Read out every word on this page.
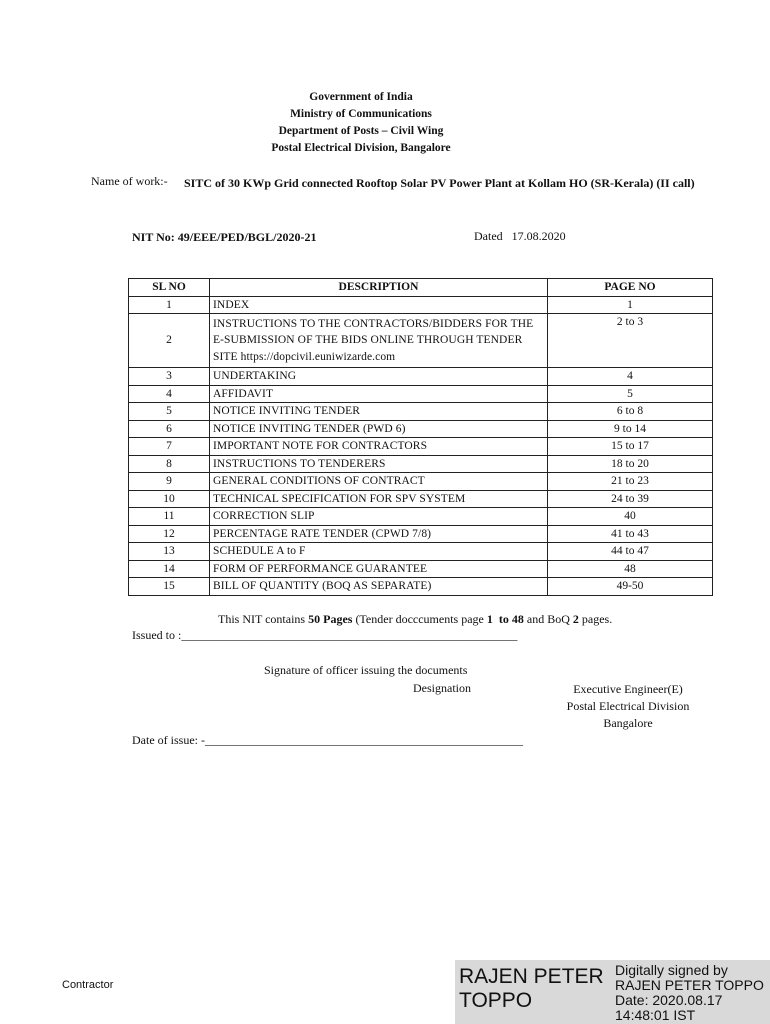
Government of India
Ministry of Communications
Department of Posts – Civil Wing
Postal Electrical Division, Bangalore
Name of work:- SITC of 30 KWp Grid connected Rooftop Solar PV Power Plant at Kollam HO (SR-Kerala) (II call)
NIT No: 49/EEE/PED/BGL/2020-21	Dated   17.08.2020
SL NO	DESCRIPTION	PAGE NO
1	INDEX	1
2	INSTRUCTIONS TO THE CONTRACTORS/BIDDERS FOR THE E-SUBMISSION OF THE BIDS ONLINE THROUGH TENDER SITE https://dopcivil.euniwizarde.com	2 to 3
3	UNDERTAKING	4
4	AFFIDAVIT	5
5	NOTICE INVITING TENDER	6 to 8
6	NOTICE INVITING TENDER (PWD 6)	9 to 14
7	IMPORTANT NOTE FOR CONTRACTORS	15 to 17
8	INSTRUCTIONS TO TENDERERS	18 to 20
9	GENERAL CONDITIONS OF CONTRACT	21 to 23
10	TECHNICAL SPECIFICATION FOR SPV SYSTEM	24 to 39
11	CORRECTION SLIP	40
12	PERCENTAGE RATE TENDER (CPWD 7/8)	41 to 43
13	SCHEDULE A to F	44 to 47
14	FORM OF PERFORMANCE GUARANTEE	48
15	BILL OF QUANTITY (BOQ AS SEPARATE)	49-50
This NIT contains 50 Pages (Tender docccuments page 1  to 48 and BoQ 2 pages.
Issued to :________________________________________________________
Signature of officer issuing the documents
Designation	Executive Engineer(E)
Postal Electrical Division
Bangalore
Date of issue: -_____________________________________________________
Contractor	RAJEN PETER
TOPPO
Digitally signed by
RAJEN PETER TOPPO
Date: 2020.08.17
14:48:01 IST
